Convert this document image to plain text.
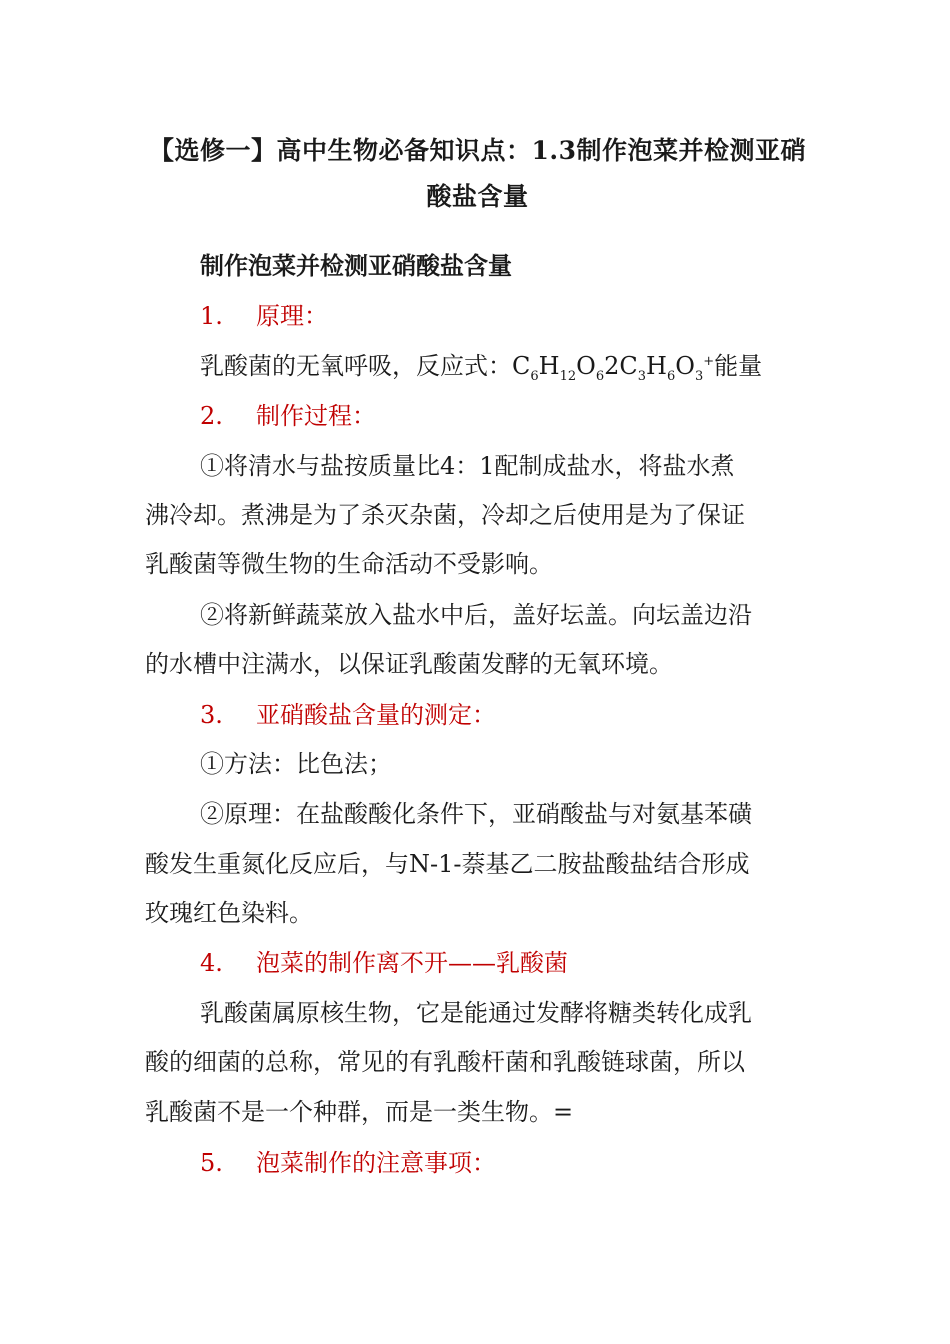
【选修一】高中生物必备知识点：1.3制作泡菜并检测亚硝酸盐含量
制作泡菜并检测亚硝酸盐含量
1. 原理：
乳酸菌的无氧呼吸，反应式：$C_6H_{12}O_62C_3H_6O_3^+$能量
2. 制作过程：
①将清水与盐按质量比4：1配制成盐水，将盐水煮
沸冷却。煮沸是为了杀灭杂菌，冷却之后使用是为了保证
乳酸菌等微生物的生命活动不受影响。
②将新鲜蔬菜放入盐水中后，盖好坛盖。向坛盖边沿
的水槽中注满水，以保证乳酸菌发酵的无氧环境。
3. 亚硝酸盐含量的测定：
①方法：比色法；
②原理：在盐酸酸化条件下，亚硝酸盐与对氨基苯磺
酸发生重氮化反应后，与N-1-萘基乙二胺盐酸盐结合形成
玫瑰红色染料。
4. 泡菜的制作离不开——乳酸菌
乳酸菌属原核生物，它是能通过发酵将糖类转化成乳
酸的细菌的总称，常见的有乳酸杆菌和乳酸链球菌，所以
乳酸菌不是一个种群，而是一类生物。=
5. 泡菜制作的注意事项：
